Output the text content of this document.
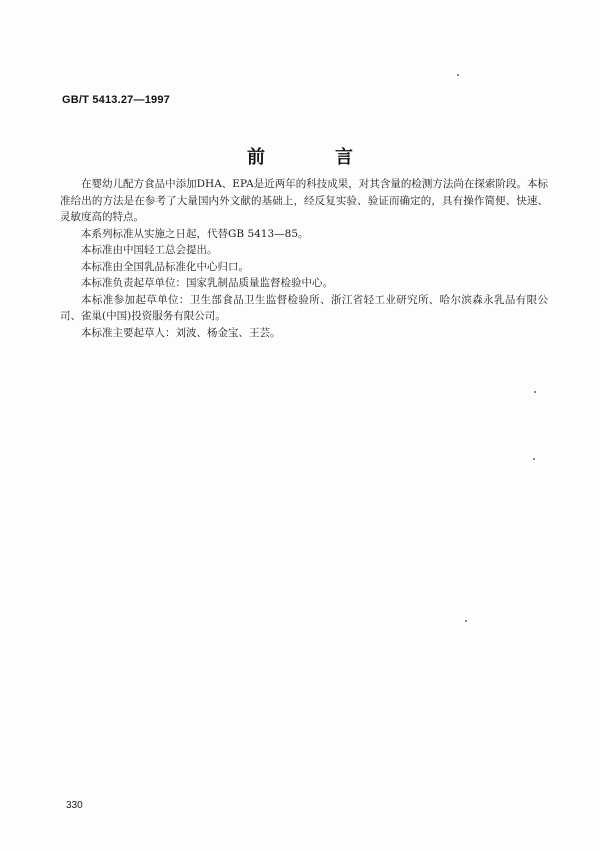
GB/T 5413.27—1997
前　言

在婴幼儿配方食品中添加DHA、EPA是近两年的科技成果，对其含量的检测方法尚在探索阶段。本标准给出的方法是在参考了大量国内外文献的基础上，经反复实验、验证而确定的，具有操作简便、快速、灵敏度高的特点。

本系列标准从实施之日起，代替GB 5413—85。

本标准由中国轻工总会提出。

本标准由全国乳品标准化中心归口。

本标准负责起草单位：国家乳制品质量监督检验中心。

本标准参加起草单位：卫生部食品卫生监督检验所、浙江省轻工业研究所、哈尔滨森永乳品有限公司、雀巢(中国)投资服务有限公司。

本标准主要起草人：刘波、杨金宝、王芸。

330
